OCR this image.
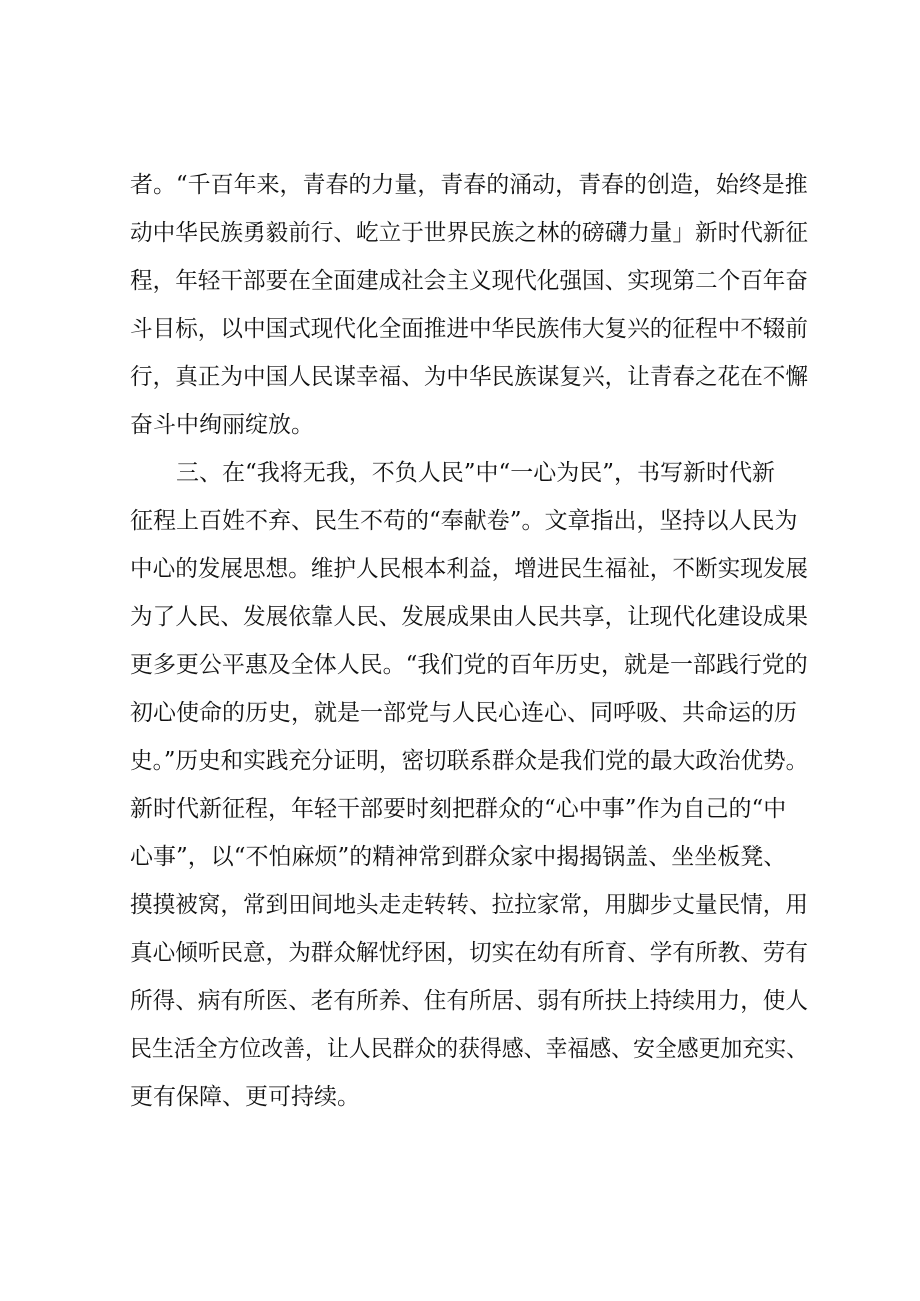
者。“千百年来，青春的力量，青春的涌动，青春的创造，始终是推
动中华民族勇毅前行、屹立于世界民族之林的磅礴力量」新时代新征
程，年轻干部要在全面建成社会主义现代化强国、实现第二个百年奋
斗目标，以中国式现代化全面推进中华民族伟大复兴的征程中不辍前
行，真正为中国人民谋幸福、为中华民族谋复兴，让青春之花在不懈
奋斗中绚丽绽放。
三、在“我将无我，不负人民”中“一心为民”，书写新时代新
征程上百姓不弃、民生不苟的“奉献卷”。文章指出，坚持以人民为
中心的发展思想。维护人民根本利益，增进民生福祉，不断实现发展
为了人民、发展依靠人民、发展成果由人民共享，让现代化建设成果
更多更公平惠及全体人民。“我们党的百年历史，就是一部践行党的
初心使命的历史，就是一部党与人民心连心、同呼吸、共命运的历
史。”历史和实践充分证明，密切联系群众是我们党的最大政治优势。
新时代新征程，年轻干部要时刻把群众的“心中事”作为自己的“中
心事”，以“不怕麻烦”的精神常到群众家中揭揭锅盖、坐坐板凳、
摸摸被窝，常到田间地头走走转转、拉拉家常，用脚步丈量民情，用
真心倾听民意，为群众解忧纾困，切实在幼有所育、学有所教、劳有
所得、病有所医、老有所养、住有所居、弱有所扶上持续用力，使人
民生活全方位改善，让人民群众的获得感、幸福感、安全感更加充实、
更有保障、更可持续。
